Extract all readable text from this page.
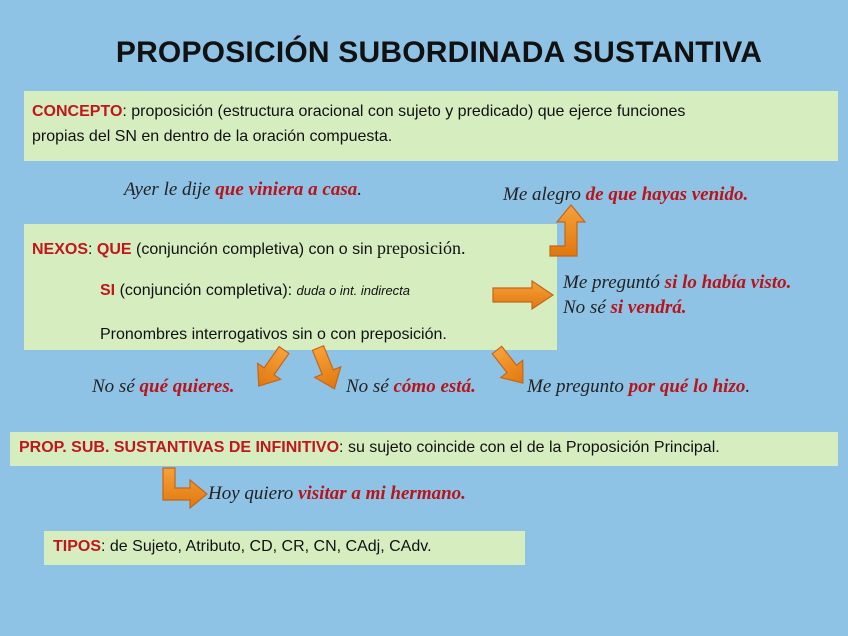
PROPOSICIÓN SUBORDINADA SUSTANTIVA
CONCEPTO: proposición (estructura oracional con sujeto y predicado) que ejerce funciones
propias del SN en dentro de la oración compuesta.
Ayer le dije que viniera a casa.	Me alegro de que hayas venido.
NEXOS: QUE (conjunción completiva) con o sin preposición.
SI (conjunción completiva): duda o int. indirecta
Pronombres interrogativos sin o con preposición.
Me preguntó si lo había visto.
No sé si vendrá.
No sé qué quieres.	No sé cómo está.	Me pregunto por qué lo hizo.
PROP. SUB. SUSTANTIVAS DE INFINITIVO: su sujeto coincide con el de la Proposición Principal.
Hoy quiero visitar a mi hermano.
TIPOS: de Sujeto, Atributo, CD, CR, CN, CAdj, CAdv.
